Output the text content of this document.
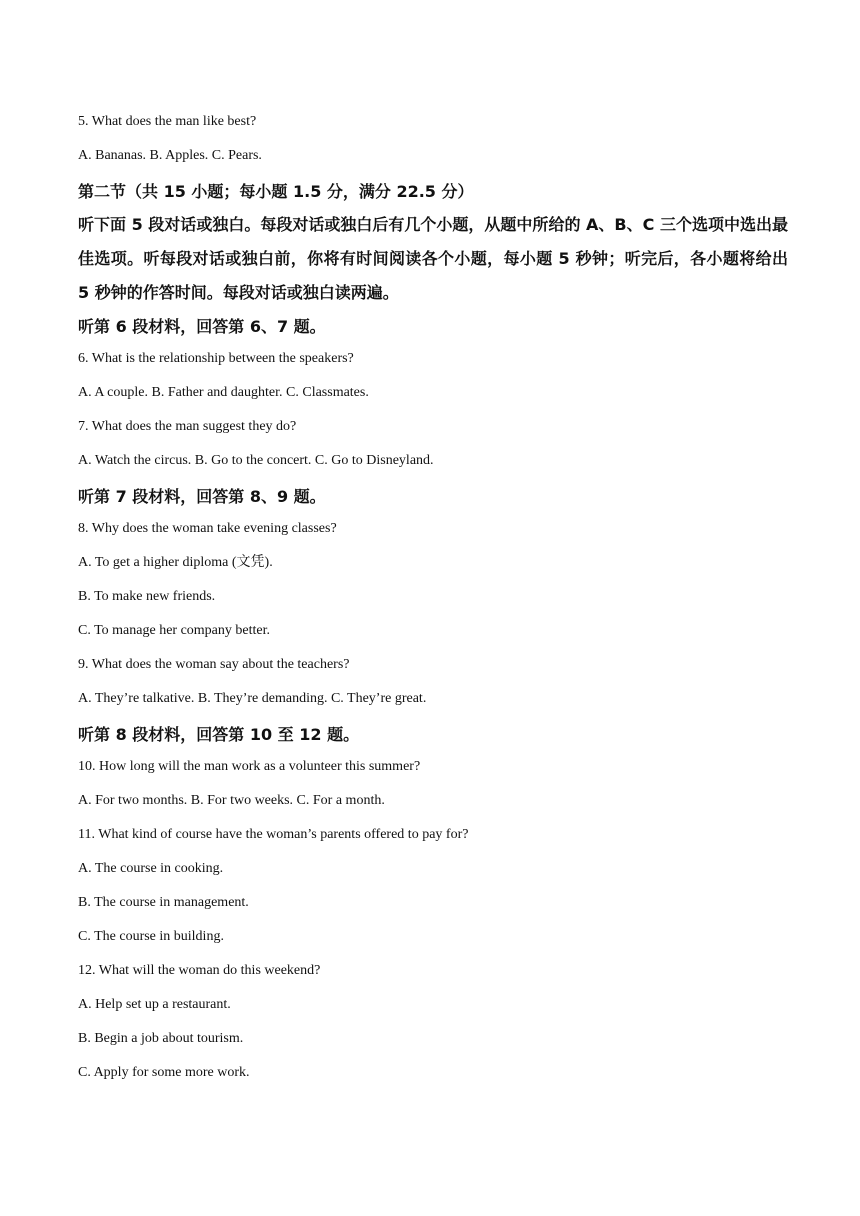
5. What does the man like best?
A. Bananas. B. Apples. C. Pears.
第二节（共 15 小题；每小题 1.5 分，满分 22.5 分）
听下面 5 段对话或独白。每段对话或独白后有几个小题，从题中所给的 A、B、C 三个选项中选出最佳选项。听每段对话或独白前，你将有时间阅读各个小题，每小题 5 秒钟；听完后，各小题将给出 5 秒钟的作答时间。每段对话或独白读两遍。
听第 6 段材料，回答第 6、7 题。
6. What is the relationship between the speakers?
A. A couple. B. Father and daughter. C. Classmates.
7. What does the man suggest they do?
A. Watch the circus. B. Go to the concert. C. Go to Disneyland.
听第 7 段材料，回答第 8、9 题。
8. Why does the woman take evening classes?
A. To get a higher diploma (文凭).
B. To make new friends.
C. To manage her company better.
9. What does the woman say about the teachers?
A. They’re talkative. B. They’re demanding. C. They’re great.
听第 8 段材料，回答第 10 至 12 题。
10. How long will the man work as a volunteer this summer?
A. For two months. B. For two weeks. C. For a month.
11. What kind of course have the woman’s parents offered to pay for?
A. The course in cooking.
B. The course in management.
C. The course in building.
12. What will the woman do this weekend?
A. Help set up a restaurant.
B. Begin a job about tourism.
C. Apply for some more work.
